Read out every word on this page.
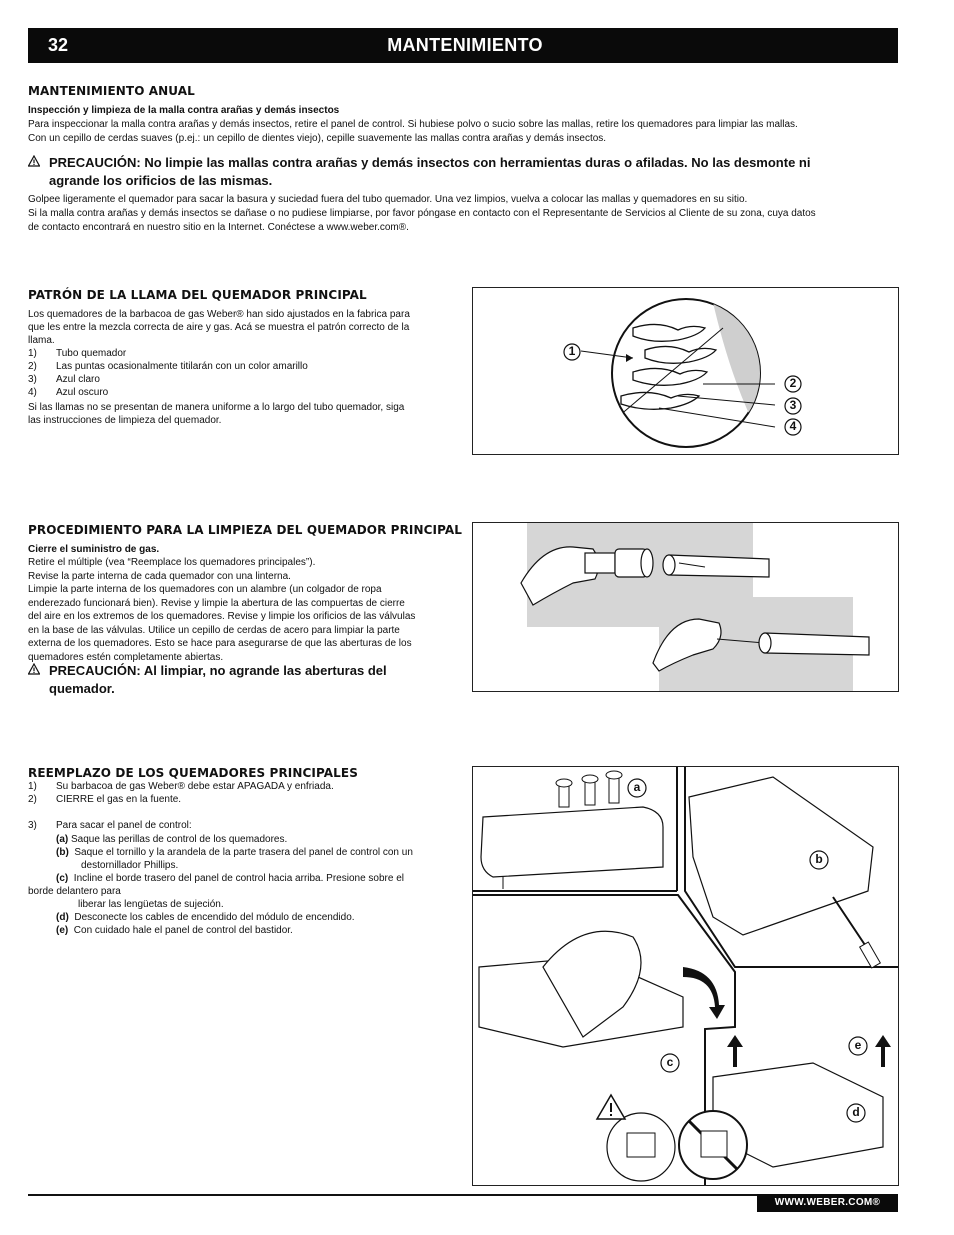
32	MANTENIMIENTO
MANTENIMIENTO ANUAL
Inspección y limpieza de la malla contra arañas y demás insectos
Para inspeccionar la malla contra arañas y demás insectos, retire el panel de control. Si hubiese polvo o sucio sobre las mallas, retire los quemadores para limpiar las mallas.
Con un cepillo de cerdas suaves (p.ej.: un cepillo de dientes viejo), cepille suavemente las mallas contra arañas y demás insectos.
PRECAUCIÓN: No limpie las mallas contra arañas y demás insectos con herramientas duras o afiladas. No las desmonte ni
agrande los orificios de las mismas.
Golpee ligeramente el quemador para sacar la basura y suciedad fuera del tubo quemador. Una vez limpios, vuelva a colocar las mallas y quemadores en su sitio.
Si la malla contra arañas y demás insectos se dañase o no pudiese limpiarse, por favor póngase en contacto con el Representante de Servicios al Cliente de su zona, cuya datos
de contacto encontrará en nuestro sitio en la Internet. Conéctese a www.weber.com®.
PATRÓN DE LA LLAMA DEL QUEMADOR PRINCIPAL
Los quemadores de la barbacoa de gas Weber® han sido ajustados en la fabrica para
que les entre la mezcla correcta de aire y gas. Acá se muestra el patrón correcto de la
llama.
1) Tubo quemador
2) Las puntas ocasionalmente titilarán con un color amarillo
3) Azul claro
4) Azul oscuro
Si las llamas no se presentan de manera uniforme a lo largo del tubo quemador, siga
las instrucciones de limpieza del quemador.
1
2
3
4
PROCEDIMIENTO PARA LA LIMPIEZA DEL QUEMADOR PRINCIPAL
Cierre el suministro de gas.
Retire el múltiple (vea “Reemplace los quemadores principales”).
Revise la parte interna de cada quemador con una linterna.
Limpie la parte interna de los quemadores con un alambre (un colgador de ropa
enderezado funcionará bien). Revise y limpie la abertura de las compuertas de cierre
del aire en los extremos de los quemadores. Revise y limpie los orificios de las válvulas
en la base de las válvulas. Utilice un cepillo de cerdas de acero para limpiar la parte
externa de los quemadores. Esto se hace para asegurarse de que las aberturas de los
quemadores estén completamente abiertas.
PRECAUCIÓN: Al limpiar, no agrande las aberturas del
quemador.
REEMPLAZO DE LOS QUEMADORES PRINCIPALES
1) Su barbacoa de gas Weber® debe estar APAGADA y enfriada.
2) CIERRE el gas en la fuente.
3) Para sacar el panel de control:
(a) Saque las perillas de control de los quemadores.
(b) Saque el tornillo y la arandela de la parte trasera del panel de control con un
destornillador Phillips.
(c) Incline el borde trasero del panel de control hacia arriba. Presione sobre el
borde delantero para
liberar las lengüetas de sujeción.
(d) Desconecte los cables de encendido del módulo de encendido.
(e) Con cuidado hale el panel de control del bastidor.
a
b
c
d
e
WWW.WEBER.COM®
